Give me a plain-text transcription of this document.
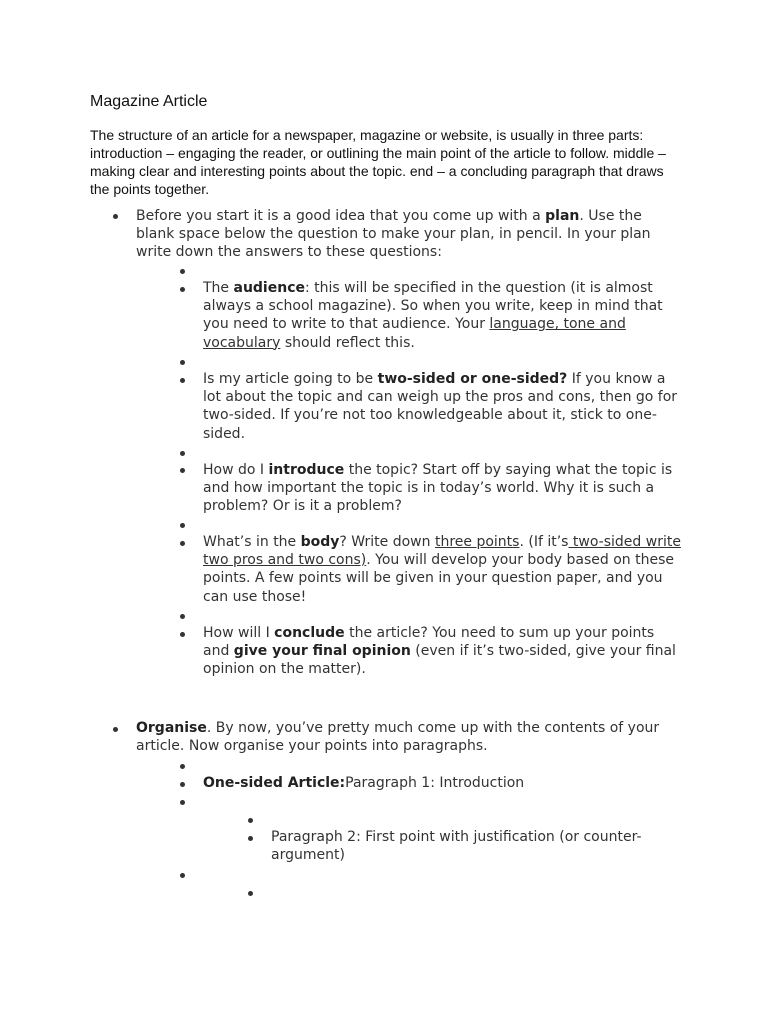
Magazine Article
The structure of an article for a newspaper, magazine or website, is usually in three parts: introduction – engaging the reader, or outlining the main point of the article to follow. middle – making clear and interesting points about the topic. end – a concluding paragraph that draws the points together.
Before you start it is a good idea that you come up with a plan. Use the blank space below the question to make your plan, in pencil. In your plan write down the answers to these questions:
The audience: this will be specified in the question (it is almost always a school magazine). So when you write, keep in mind that you need to write to that audience. Your language, tone and vocabulary should reflect this.
Is my article going to be two-sided or one-sided? If you know a lot about the topic and can weigh up the pros and cons, then go for two-sided. If you’re not too knowledgeable about it, stick to one-sided.
How do I introduce the topic? Start off by saying what the topic is and how important the topic is in today’s world. Why it is such a problem? Or is it a problem?
What’s in the body? Write down three points. (If it’s two-sided write two pros and two cons). You will develop your body based on these points. A few points will be given in your question paper, and you can use those!
How will I conclude the article? You need to sum up your points and give your final opinion (even if it’s two-sided, give your final opinion on the matter).
Organise. By now, you’ve pretty much come up with the contents of your article. Now organise your points into paragraphs.
One-sided Article:Paragraph 1: Introduction
Paragraph 2: First point with justification (or counter-argument)
